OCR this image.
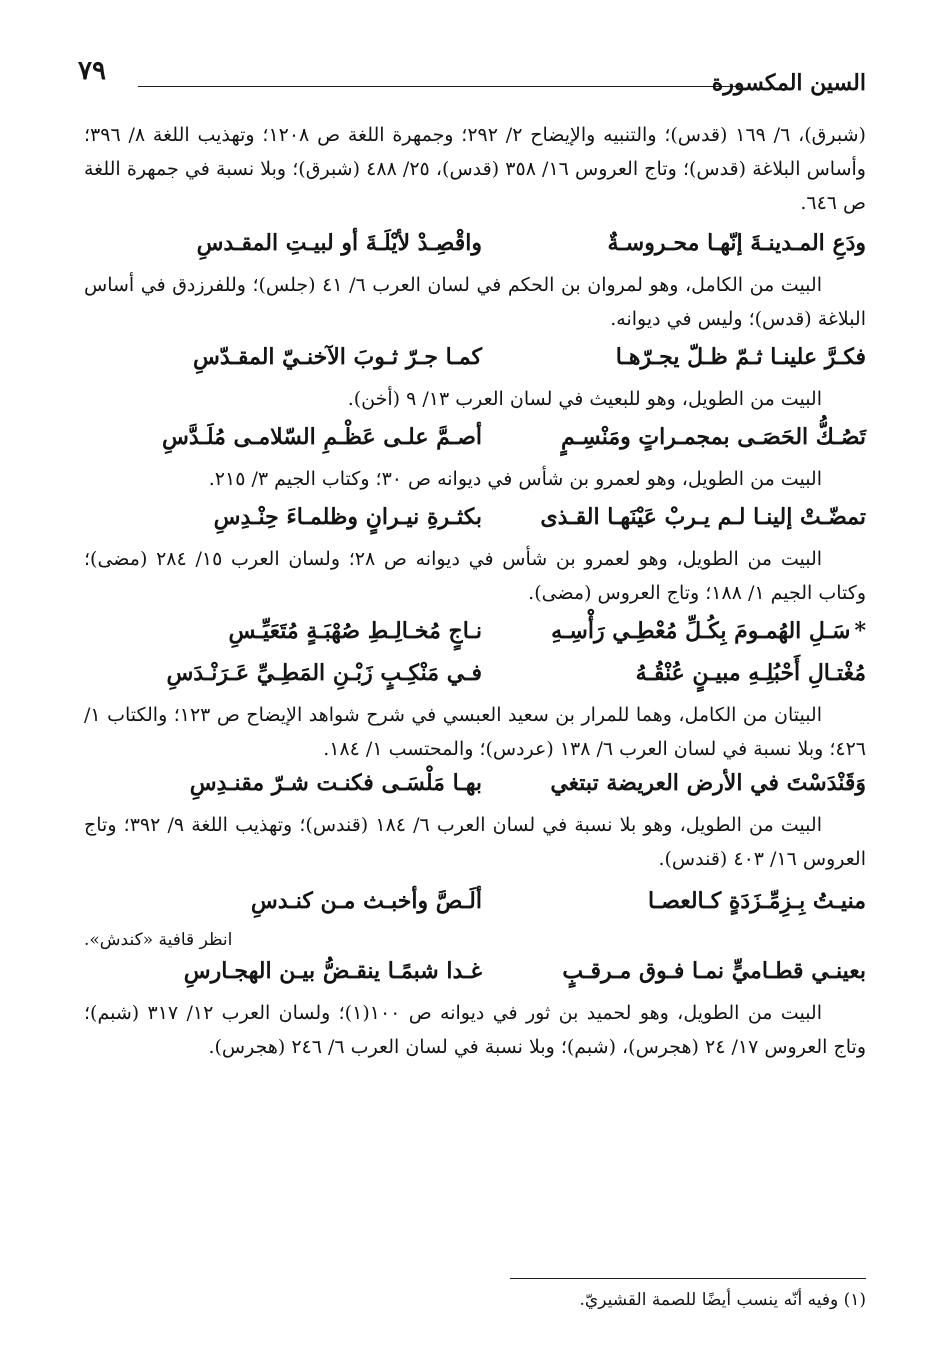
٧٩	السين المكسورة

(شبرق)، ٦/ ١٦٩ (قدس)؛ والتنبيه والإيضاح ٢/ ٢٩٢؛ وجمهرة اللغة ص ١٢٠٨؛ وتهذيب اللغة ٨/ ٣٩٦؛ وأساس البلاغة (قدس)؛ وتاج العروس ١٦/ ٣٥٨ (قدس)، ٢٥/ ٤٨٨ (شبرق)؛ وبلا نسبة في جمهرة اللغة ص ٦٤٦.

ودَعِ المـدينـةَ إنّهـا محـروسـةٌ
واقْصِـدْ لأيْلَـةَ أو لبيـتِ المقـدسِ

البيت من الكامل، وهو لمروان بن الحكم في لسان العرب ٦/ ٤١ (جلس)؛ وللفرزدق في أساس البلاغة (قدس)؛ وليس في ديوانه.

فكـرَّ علينـا ثـمّ ظـلّ يجـرّهـا
كمـا جـرّ ثـوبَ الآخنـيّ المقـدّسِ

البيت من الطويل، وهو للبعيث في لسان العرب ١٣/ ٩ (أخن).

تَصُـكُّ الحَصَـى بمجمـراتٍ ومَنْسِـمٍ
أصـمَّ علـى عَظْـمِ السّلامـى مُلَـدَّسِ

البيت من الطويل، وهو لعمرو بن شأس في ديوانه ص ٣٠؛ وكتاب الجيم ٣/ ٢١٥.

تمضّـتْ إلينـا لـم يـربْ عَيْنَهـا القـذى
بكثـرةِ نيـرانٍ وظلمـاءَ حِنْـدِسِ

البيت من الطويل، وهو لعمرو بن شأس في ديوانه ص ٢٨؛ ولسان العرب ١٥/ ٢٨٤ (مضى)؛ وكتاب الجيم ١/ ١٨٨؛ وتاج العروس (مضى).

*سَـلِ الهُمـومَ بِكُـلِّ مُعْطِـي رَأْسِـهِ
نـاجٍ مُخـالِـطِ صُهْبَـةٍ مُتَعَيِّـسِ
مُغْتـالِ أَحْبُلِـهِ مبيـنٍ عُنْقُـهُ
فـي مَنْكِـبٍ زَبْـنِ المَطِـيِّ عَـرَنْـدَسِ

البيتان من الكامل، وهما للمرار بن سعيد العبسي في شرح شواهد الإيضاح ص ١٢٣؛ والكتاب ١/ ٤٢٦؛ وبلا نسبة في لسان العرب ٦/ ١٣٨ (عردس)؛ والمحتسب ١/ ١٨٤.

وَقَنْدَسْتَ في الأرض العريضة تبتغي
بهـا مَلْسَـى فكنـت شـرّ مقنـدِسِ

البيت من الطويل، وهو بلا نسبة في لسان العرب ٦/ ١٨٤ (قندس)؛ وتهذيب اللغة ٩/ ٣٩٢؛ وتاج العروس ١٦/ ٤٠٣ (قندس).

منيـتُ بِـزِمِّـزَدَةٍ كـالعصـا
ألَـصَّ وأخبـث مـن كنـدسِ
انظر قافية «كندش».
بعينـي قطـاميٍّ نمـا فـوق مـرقـبٍ
غـدا شبمًـا ينقـضُّ بيـن الهجـارسِ

البيت من الطويل، وهو لحميد بن ثور في ديوانه ص ١٠٠(١)؛ ولسان العرب ١٢/ ٣١٧ (شبم)؛ وتاج العروس ١٧/ ٢٤ (هجرس)، (شبم)؛ وبلا نسبة في لسان العرب ٦/ ٢٤٦ (هجرس).

(١) وفيه أنّه ينسب أيضًا للصمة القشيريّ.
